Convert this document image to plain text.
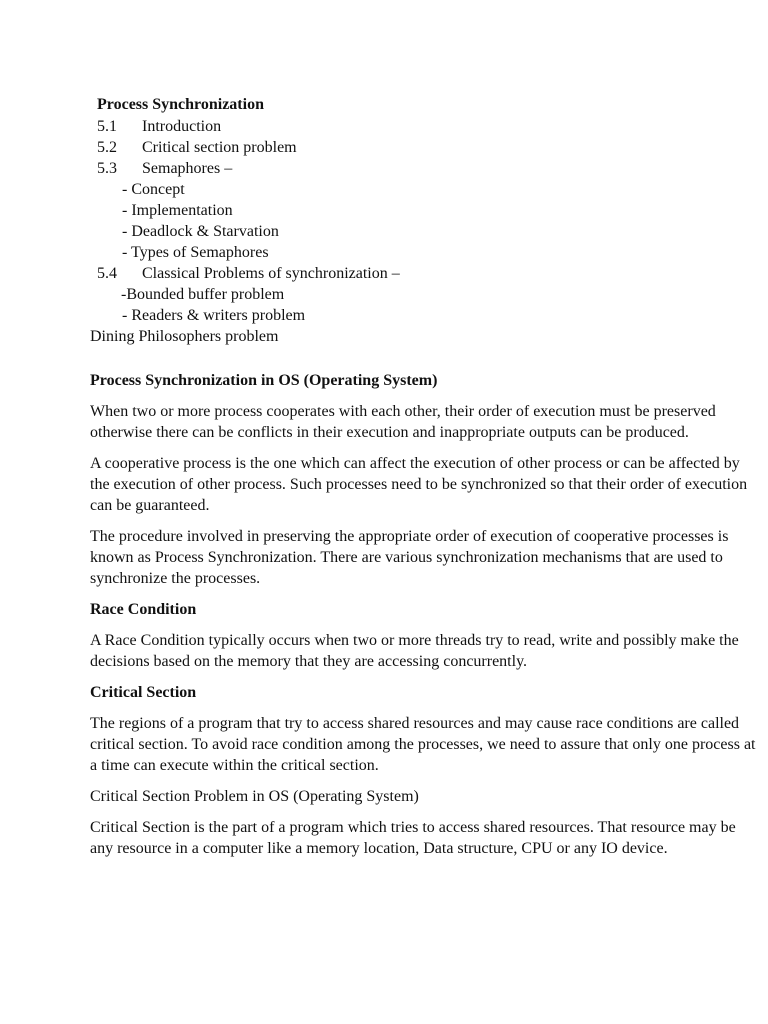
Process Synchronization
5.1 Introduction
5.2 Critical section problem
5.3 Semaphores –
- Concept
- Implementation
- Deadlock & Starvation
- Types of Semaphores
5.4 Classical Problems of synchronization –
-Bounded buffer problem
- Readers & writers problem
Dining Philosophers problem
Process Synchronization in OS (Operating System)
When two or more process cooperates with each other, their order of execution must be preserved otherwise there can be conflicts in their execution and inappropriate outputs can be produced.
A cooperative process is the one which can affect the execution of other process or can be affected by the execution of other process. Such processes need to be synchronized so that their order of execution can be guaranteed.
The procedure involved in preserving the appropriate order of execution of cooperative processes is known as Process Synchronization. There are various synchronization mechanisms that are used to synchronize the processes.
Race Condition
A Race Condition typically occurs when two or more threads try to read, write and possibly make the decisions based on the memory that they are accessing concurrently.
Critical Section
The regions of a program that try to access shared resources and may cause race conditions are called critical section. To avoid race condition among the processes, we need to assure that only one process at a time can execute within the critical section.
Critical Section Problem in OS (Operating System)
Critical Section is the part of a program which tries to access shared resources. That resource may be any resource in a computer like a memory location, Data structure, CPU or any IO device.
